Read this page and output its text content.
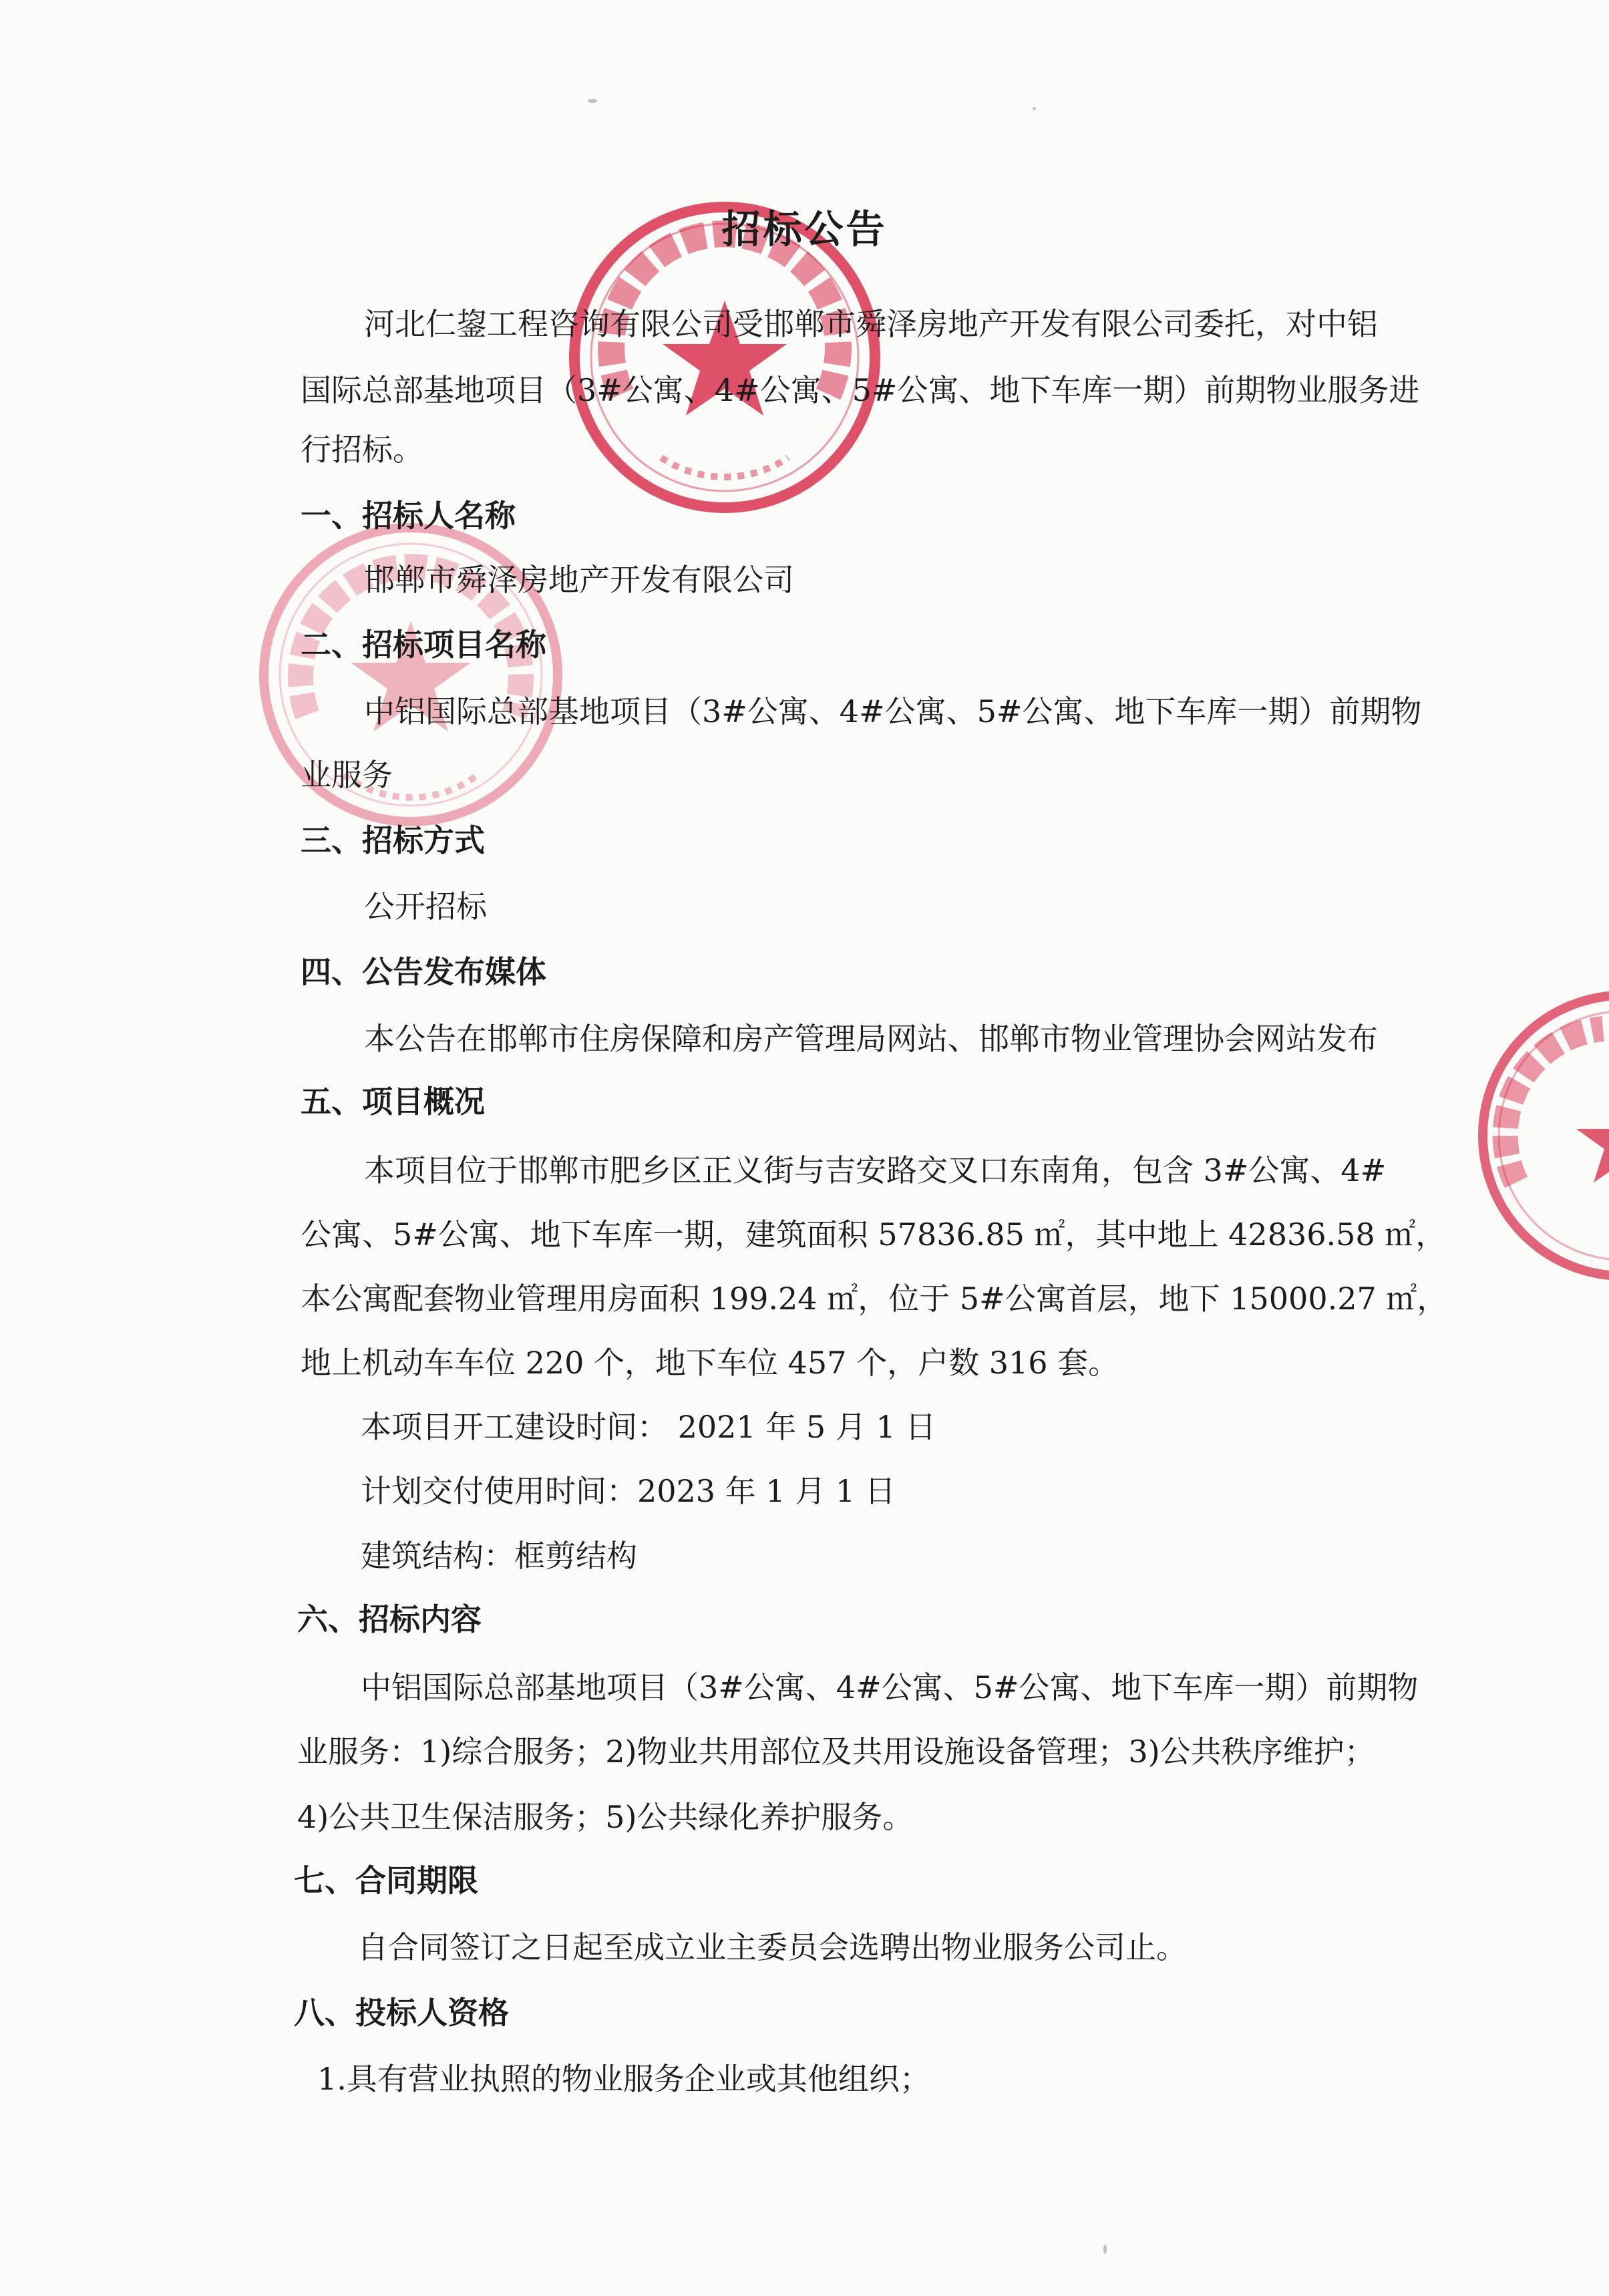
招标公告
河北仁鋆工程咨询有限公司受邯郸市舜泽房地产开发有限公司委托，对中铝
国际总部基地项目（3#公寓、4#公寓、5#公寓、地下车库一期）前期物业服务进
行招标。
一、招标人名称
邯郸市舜泽房地产开发有限公司
二、招标项目名称
中铝国际总部基地项目（3#公寓、4#公寓、5#公寓、地下车库一期）前期物
业服务
三、招标方式
公开招标
四、公告发布媒体
本公告在邯郸市住房保障和房产管理局网站、邯郸市物业管理协会网站发布
五、项目概况
本项目位于邯郸市肥乡区正义街与吉安路交叉口东南角，包含 3#公寓、4#
公寓、5#公寓、地下车库一期，建筑面积 57836.85 ㎡，其中地上 42836.58 ㎡，
本公寓配套物业管理用房面积 199.24 ㎡，位于 5#公寓首层，地下 15000.27 ㎡，
地上机动车车位 220 个，地下车位 457 个，户数 316 套。
本项目开工建设时间： 2021 年 5 月 1 日
计划交付使用时间：2023 年 1 月 1 日
建筑结构：框剪结构
六、招标内容
中铝国际总部基地项目（3#公寓、4#公寓、5#公寓、地下车库一期）前期物
业服务：1)综合服务；2)物业共用部位及共用设施设备管理；3)公共秩序维护；
4)公共卫生保洁服务；5)公共绿化养护服务。
七、合同期限
自合同签订之日起至成立业主委员会选聘出物业服务公司止。
八、投标人资格
1.具有营业执照的物业服务企业或其他组织；
